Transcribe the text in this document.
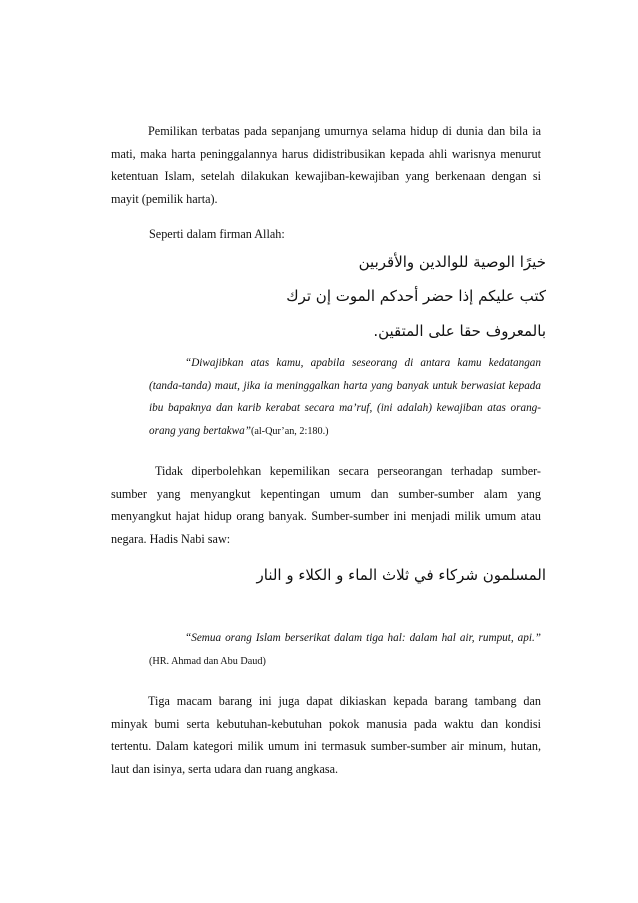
Pemilikan terbatas pada sepanjang umurnya selama hidup di dunia dan bila ia mati, maka harta peninggalannya harus didistribusikan kepada ahli warisnya menurut ketentuan Islam, setelah dilakukan kewajiban-kewajiban yang berkenaan dengan si mayit (pemilik harta).

Seperti dalam firman Allah:

خيرًا الوصية للوالدين والأقربين

كتب عليكم إذا حضر أحدكم الموت إن ترك

بالمعروف حقا على المتقين.

“Diwajibkan atas kamu, apabila seseorang di antara kamu kedatangan (tanda-tanda) maut, jika ia meninggalkan harta yang banyak untuk berwasiat kepada ibu bapaknya dan karib kerabat secara ma’ruf, (ini adalah) kewajiban atas orang-orang yang bertakwa”(al-Qur’an, 2:180.)

Tidak diperbolehkan kepemilikan secara perseorangan terhadap sumber-sumber yang menyangkut kepentingan umum dan sumber-sumber alam yang menyangkut hajat hidup orang banyak. Sumber-sumber ini menjadi milik umum atau negara. Hadis Nabi saw:

المسلمون شركاء في ثلاث الماء و الكلاء و النار

“Semua orang Islam berserikat dalam tiga hal: dalam hal air, rumput, api.” (HR. Ahmad dan Abu Daud)

Tiga macam barang ini juga dapat dikiaskan kepada barang tambang dan minyak bumi serta kebutuhan-kebutuhan pokok manusia pada waktu dan kondisi tertentu. Dalam kategori milik umum ini termasuk sumber-sumber air minum, hutan, laut dan isinya, serta udara dan ruang angkasa.
